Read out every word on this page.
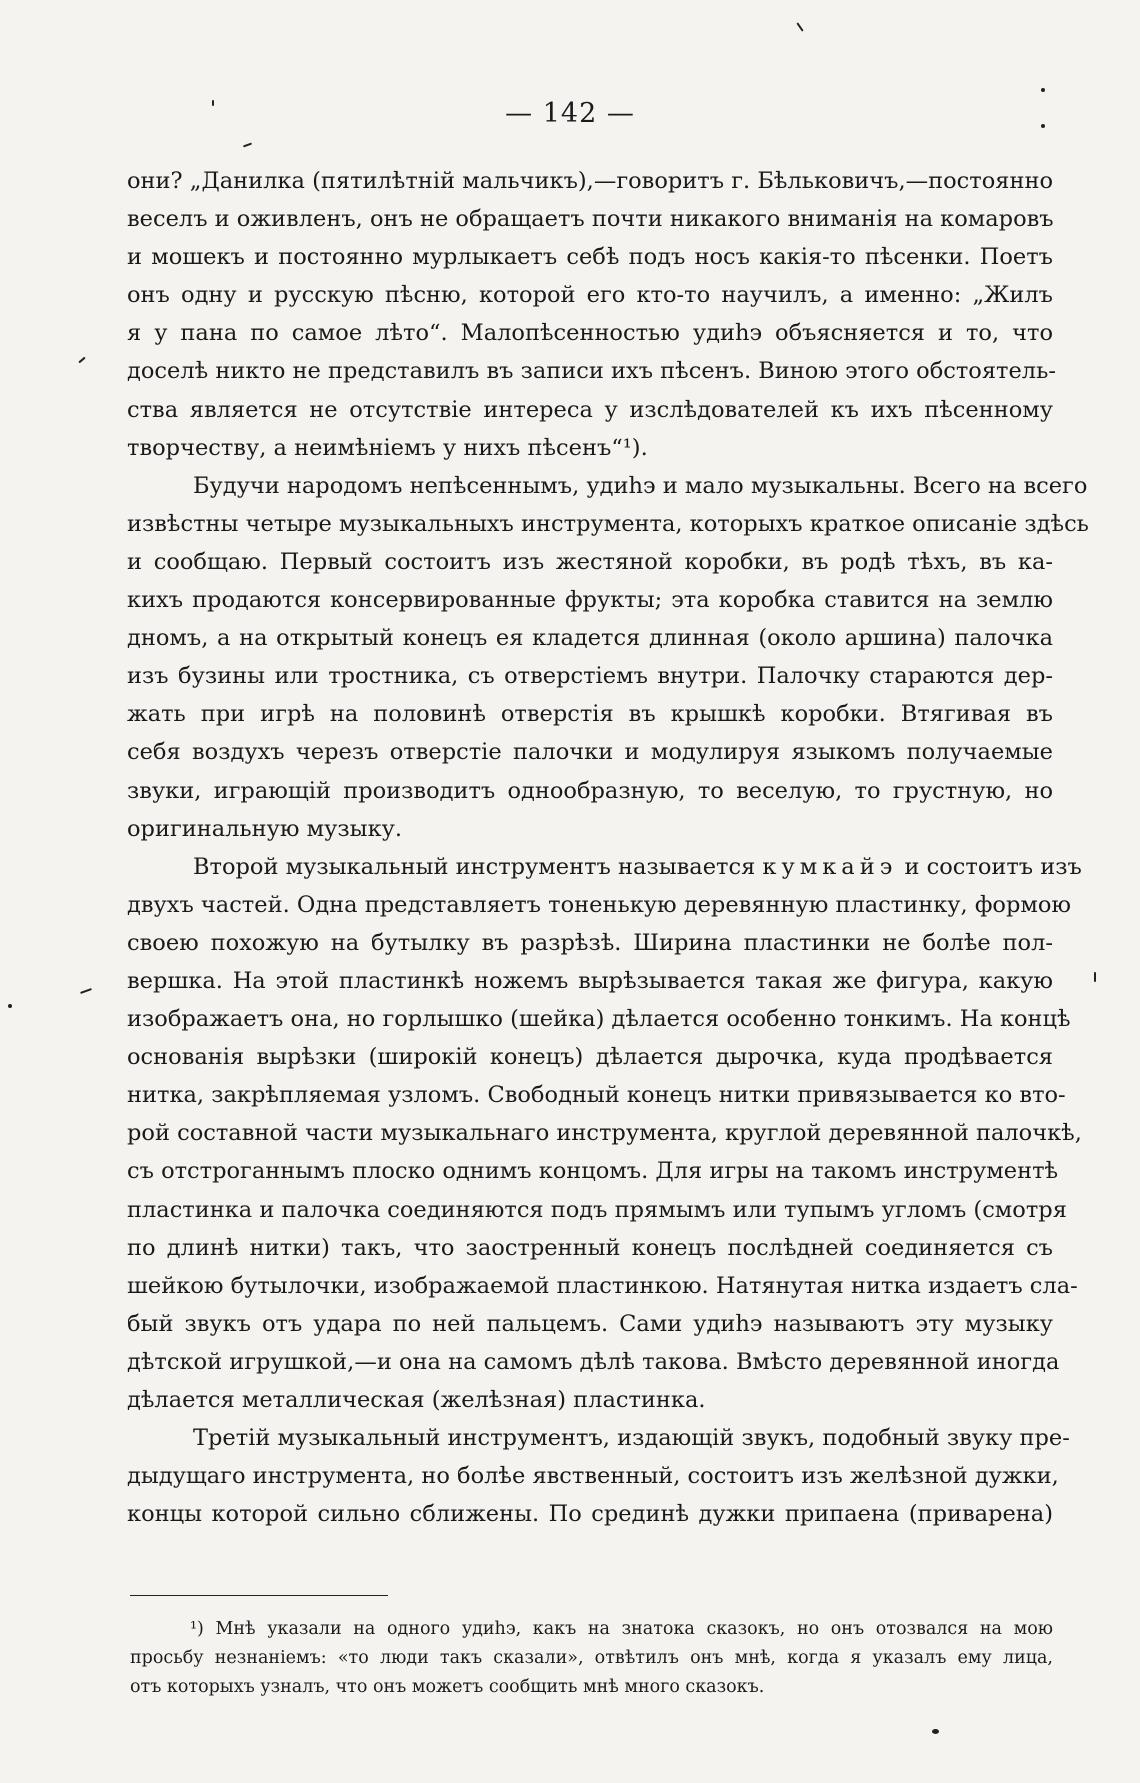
— 142 —
они? „Данилка (пятилѣтній мальчикъ),—говоритъ г. Бѣльковичъ,—постоянно
веселъ и оживленъ, онъ не обращаетъ почти никакого вниманія на комаровъ
и мошекъ и постоянно мурлыкаетъ себѣ подъ носъ какія-то пѣсенки. Поетъ
онъ одну и русскую пѣсню, которой его кто-то научилъ, а именно: „Жилъ
я у пана по самое лѣто“. Малопѣсенностью удиһэ объясняется и то, что
доселѣ никто не представилъ въ записи ихъ пѣсенъ. Виною этого обстоятель-
ства является не отсутствіе интереса у изслѣдователей къ ихъ пѣсенному
творчеству, а неимѣніемъ у нихъ пѣсенъ“¹).
Будучи народомъ непѣсеннымъ, удиһэ и мало музыкальны. Всего на всего
извѣстны четыре музыкальныхъ инструмента, которыхъ краткое описаніе здѣсь
и сообщаю. Первый состоитъ изъ жестяной коробки, въ родѣ тѣхъ, въ ка-
кихъ продаются консервированные фрукты; эта коробка ставится на землю
дномъ, а на открытый конецъ ея кладется длинная (около аршина) палочка
изъ бузины или тростника, съ отверстіемъ внутри. Палочку стараются дер-
жать при игрѣ на половинѣ отверстія въ крышкѣ коробки. Втягивая въ
себя воздухъ черезъ отверстіе палочки и модулируя языкомъ получаемые
звуки, играющій производитъ однообразную, то веселую, то грустную, но
оригинальную музыку.
Второй музыкальный инструментъ называется кумкайэ и состоитъ изъ
двухъ частей. Одна представляетъ тоненькую деревянную пластинку, формою
своею похожую на бутылку въ разрѣзѣ. Ширина пластинки не болѣе пол-
вершка. На этой пластинкѣ ножемъ вырѣзывается такая же фигура, какую
изображаетъ она, но горлышко (шейка) дѣлается особенно тонкимъ. На концѣ
основанія вырѣзки (широкій конецъ) дѣлается дырочка, куда продѣвается
нитка, закрѣпляемая узломъ. Свободный конецъ нитки привязывается ко вто-
рой составной части музыкальнаго инструмента, круглой деревянной палочкѣ,
съ отстроганнымъ плоско однимъ концомъ. Для игры на такомъ инструментѣ
пластинка и палочка соединяются подъ прямымъ или тупымъ угломъ (смотря
по длинѣ нитки) такъ, что заостренный конецъ послѣдней соединяется съ
шейкою бутылочки, изображаемой пластинкою. Натянутая нитка издаетъ сла-
бый звукъ отъ удара по ней пальцемъ. Сами удиһэ называютъ эту музыку
дѣтской игрушкой,—и она на самомъ дѣлѣ такова. Вмѣсто деревянной иногда
дѣлается металлическая (желѣзная) пластинка.
Третій музыкальный инструментъ, издающій звукъ, подобный звуку пре-
дыдущаго инструмента, но болѣе явственный, состоитъ изъ желѣзной дужки,
концы которой сильно сближены. По срединѣ дужки припаена (приварена)
¹) Мнѣ указали на одного удиһэ, какъ на знатока сказокъ, но онъ отозвался на мою
просьбу незнаніемъ: «то люди такъ сказали», отвѣтилъ онъ мнѣ, когда я указалъ ему лица,
отъ которыхъ узналъ, что онъ можетъ сообщить мнѣ много сказокъ.
